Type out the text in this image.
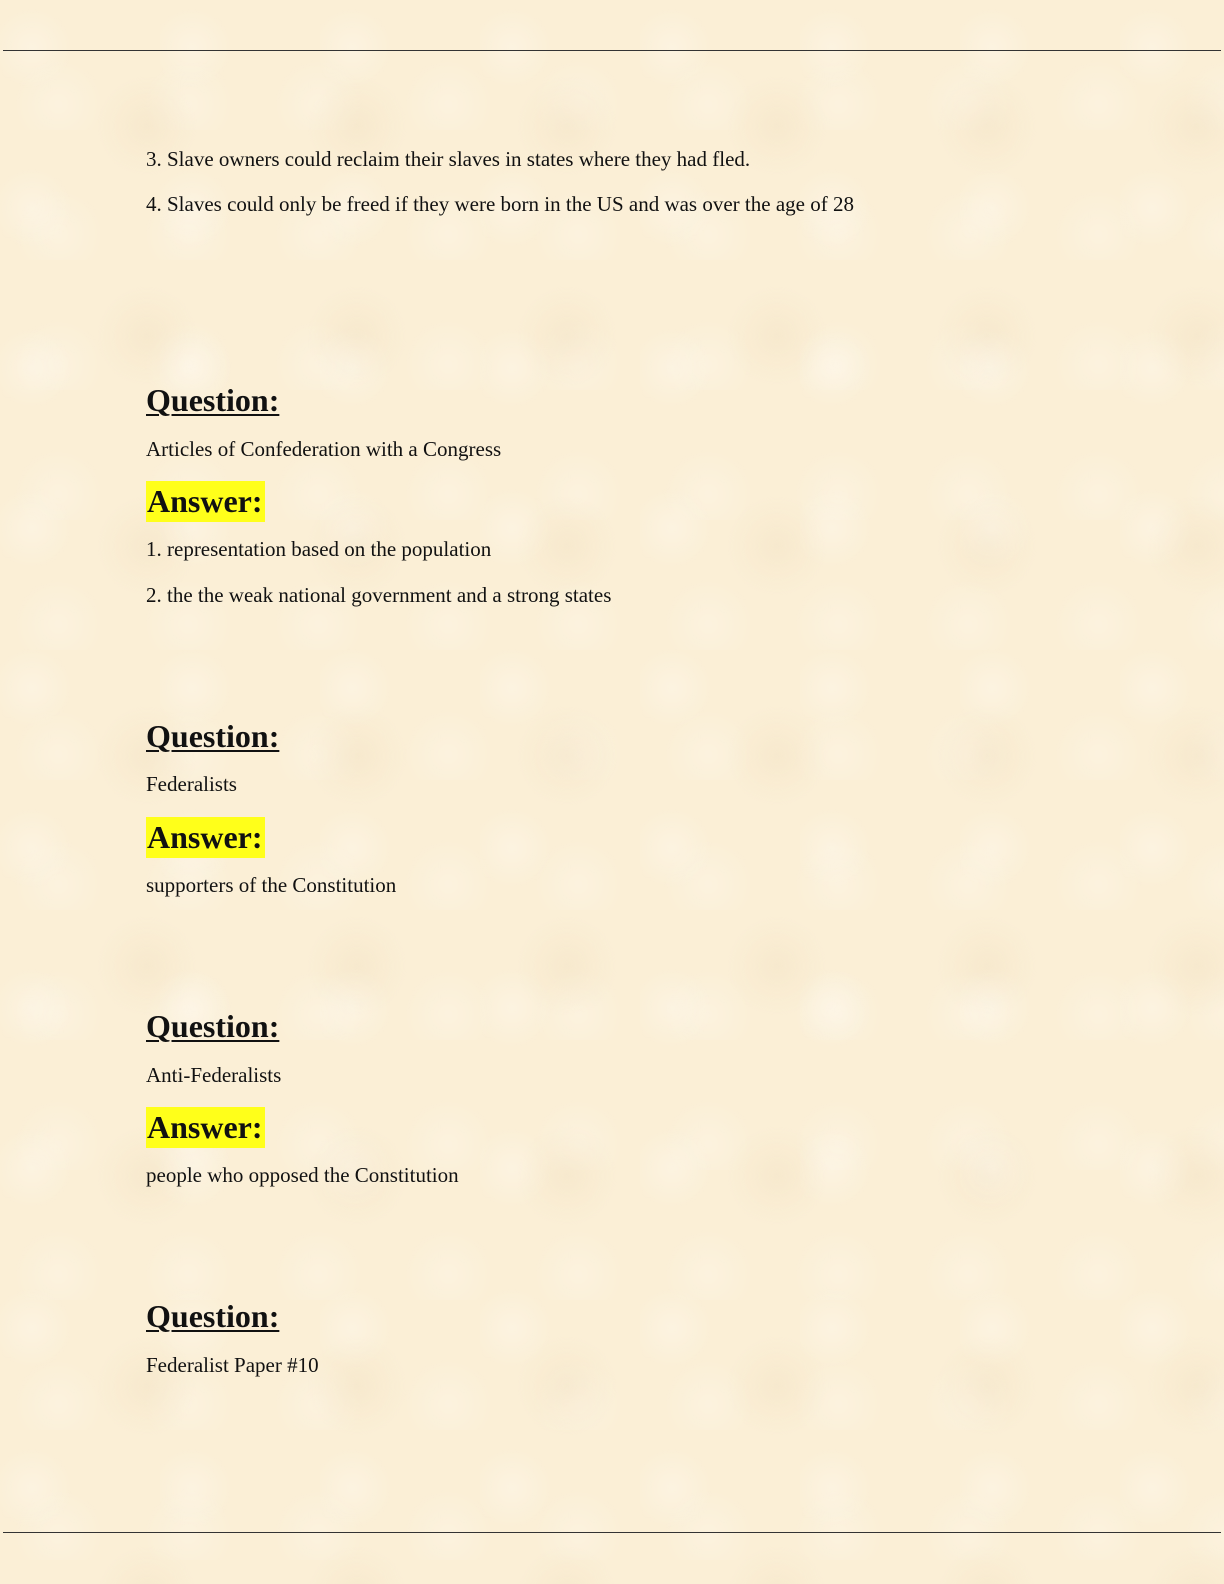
3. Slave owners could reclaim their slaves in states where they had fled.
4. Slaves could only be freed if they were born in the US and was over the age of 28
Question:
Articles of Confederation with a Congress
Answer:
1. representation based on the population
2. the the weak national government and a strong states
Question:
Federalists
Answer:
supporters of the Constitution
Question:
Anti-Federalists
Answer:
people who opposed the Constitution
Question:
Federalist Paper #10
